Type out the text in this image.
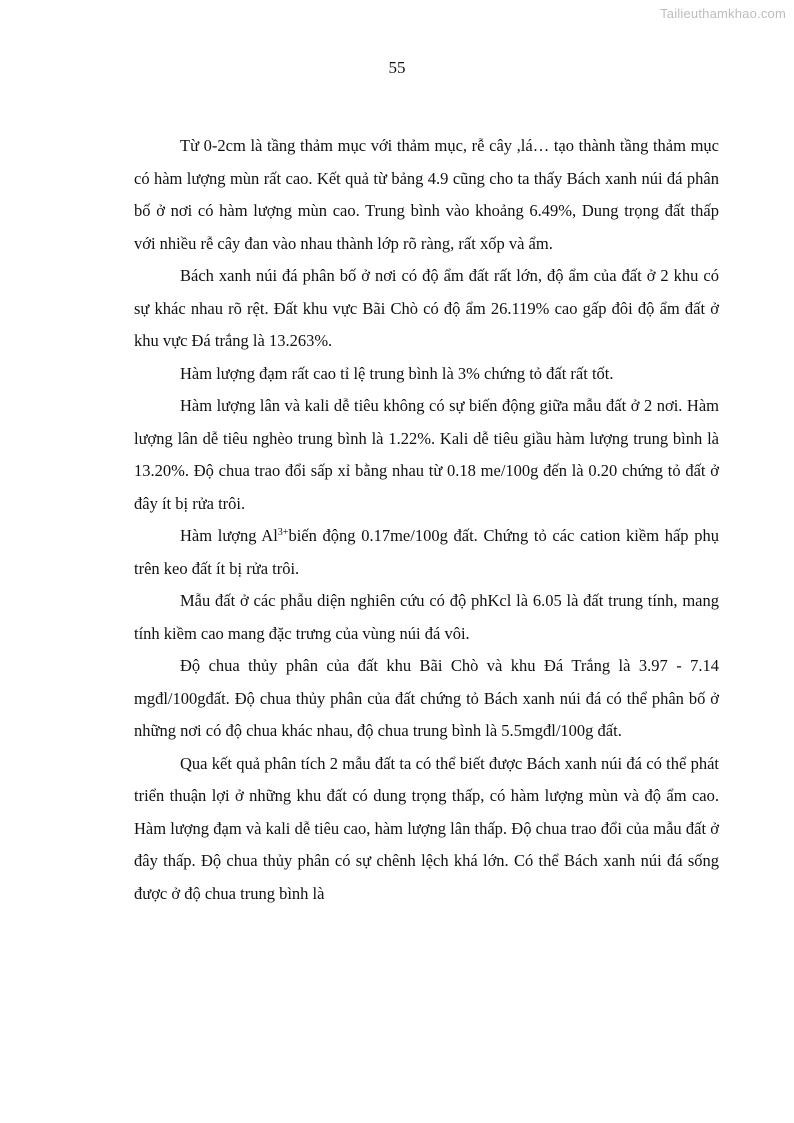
Tailieuthamkhao.com
55

Từ 0-2cm là tầng thảm mục với thảm mục, rễ cây ,lá… tạo thành tầng thảm mục có hàm lượng mùn rất cao. Kết quả từ bảng 4.9 cũng cho ta thấy Bách xanh núi đá phân bố ở nơi có hàm lượng mùn cao. Trung bình vào khoảng 6.49%, Dung trọng đất thấp với nhiều rễ cây đan vào nhau thành lớp rõ ràng, rất xốp và ẩm.

Bách xanh núi đá phân bố ở nơi có độ ẩm đất rất lớn, độ ẩm của đất ở 2 khu có sự khác nhau rõ rệt. Đất khu vực Bãi Chò có độ ẩm 26.119% cao gấp đôi độ ẩm đất ở khu vực Đá trắng là 13.263%.

Hàm lượng đạm rất cao tỉ lệ trung bình là 3% chứng tỏ đất rất tốt.

Hàm lượng lân và kali dễ tiêu không có sự biến động giữa mẫu đất ở 2 nơi. Hàm lượng lân dễ tiêu nghèo trung bình là 1.22%. Kali dễ tiêu giầu hàm lượng trung bình là 13.20%. Độ chua trao đổi sấp xỉ bằng nhau từ 0.18 me/100g đến là 0.20 chứng tỏ đất ở đây ít bị rửa trôi.

Hàm lượng $Al^{3+}biến$ động 0.17me/100g đất. Chứng tỏ các cation kiềm hấp phụ trên keo đất ít bị rửa trôi.

Mẫu đất ở các phẫu diện nghiên cứu có độ phKcl là 6.05 là đất trung tính, mang tính kiềm cao mang đặc trưng của vùng núi đá vôi.

Độ chua thủy phân của đất khu Bãi Chò và khu Đá Trắng là 3.97 - 7.14 mgđl/100gđất. Độ chua thủy phân của đất chứng tỏ Bách xanh núi đá có thể phân bố ở những nơi có độ chua khác nhau, độ chua trung bình là 5.5mgđl/100g đất.

Qua kết quả phân tích 2 mẫu đất ta có thể biết được Bách xanh núi đá có thể phát triển thuận lợi ở những khu đất có dung trọng thấp, có hàm lượng mùn và độ ẩm cao. Hàm lượng đạm và kali dễ tiêu cao, hàm lượng lân thấp. Độ chua trao đổi của mẫu đất ở đây thấp. Độ chua thủy phân có sự chênh lệch khá lớn. Có thể Bách xanh núi đá sống được ở độ chua trung bình là
